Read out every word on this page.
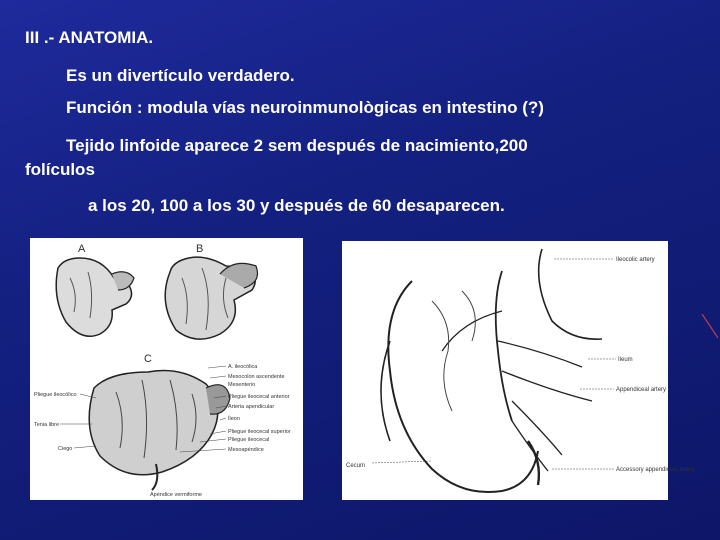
III .- ANATOMIA.
Es un divertículo verdadero.
Función : modula vías neuroinmunològicas en intestino (?)
Tejido linfoide aparece 2 sem después de nacimiento,200
folículos
a los 20, 100 a los 30 y después de 60 desaparecen.
A	B
C
A. ileocólica
Mesocolon ascendente
Mesenterio
Pliegue ileocecal anterior
Arteria apendicular
Íleon
Pliegue ileocecal superior
Pliegue ileocecal
Mesoapéndice
Pliegue ileocólico
Tenia libre
Ciego
Apéndice vermiforme
Ileocolic artery
Ileum
Appendiceal artery
Cecum
Accessory appendiceal artery
